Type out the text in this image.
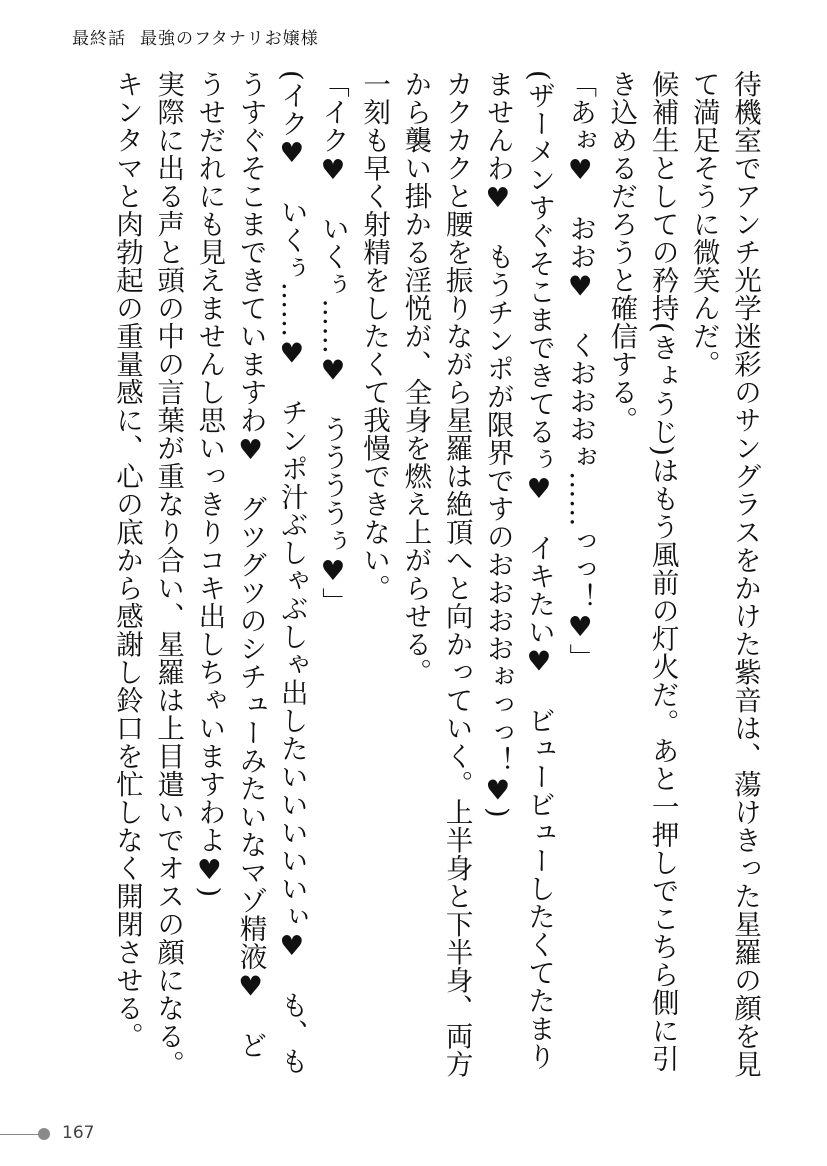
最終話 最強のフタナリお嬢様

待機室でアンチ光学迷彩のサングラスをかけた紫音は、蕩けきった星羅の顔を見て満足そうに微笑んだ。

候補生としての矜持(きょうじ)はもう風前の灯火だ。あと一押しでこちら側に引き込めるだろうと確信する。

「あぉ♥　おお♥　くおおおぉ……っっ！♥」

(ザーメンすぐそこまできてるぅ♥　イキたい♥　ビュービューしたくてたまりませんわ♥　もうチンポが限界ですのおおおおぉっっ！♥)

カクカクと腰を振りながら星羅は絶頂へと向かっていく。上半身と下半身、両方から襲い掛かる淫悦が、全身を燃え上がらせる。

一刻も早く射精をしたくて我慢できない。

「イク♥　いくぅ……♥　ううううぅ♥」

(イク♥　いくぅ……♥　チンポ汁ぶしゃぶしゃ出したいいいいいぃ♥　も、もうすぐそこまできていますわ♥　グツグツのシチューみたいなマゾ精液♥　どうせだれにも見えませんし思いっきりコキ出しちゃいますわよ♥)

実際に出る声と頭の中の言葉が重なり合い、星羅は上目遣いでオスの顔になる。キンタマと肉勃起の重量感に、心の底から感謝し鈴口を忙しなく開閉させる。

167
